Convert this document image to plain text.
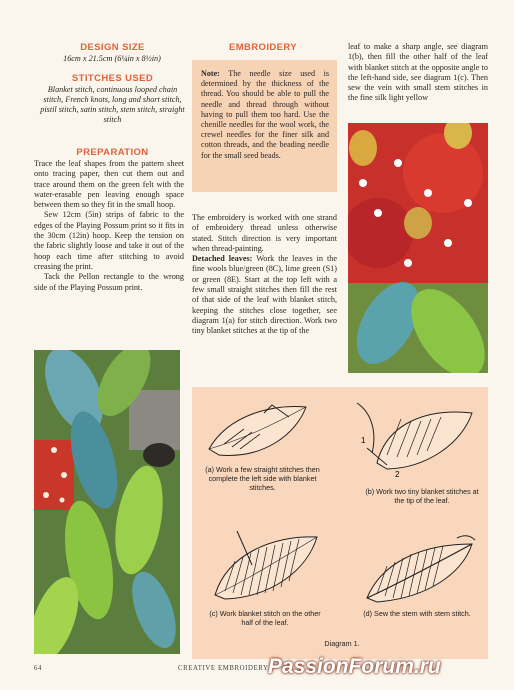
DESIGN SIZE
16cm x 21.5cm (6¼in x 8½in)
STITCHES USED
Blanket stitch, continuous looped chain stitch, French knots, long and short stitch, pistil stitch, satin stitch, stem stitch, straight stitch
PREPARATION

Trace the leaf shapes from the pattern sheet onto tracing paper, then cut them out and trace around them on the green felt with the water-erasable pen leaving enough space between them so they fit in the small hoop.

Sew 12cm (5in) strips of fabric to the edges of the Playing Possum print so it fits in the 30cm (12in) hoop. Keep the tension on the fabric slightly loose and take it out of the hoop each time after stitching to avoid creasing the print.

Tack the Pellon rectangle to the wrong side of the Playing Possum print.

EMBROIDERY
Note: The needle size used is determined by the thickness of the thread. You should be able to pull the needle and thread through without having to pull them too hard. Use the chenille needles for the wool work, the crewel needles for the finer silk and cotton threads, and the beading needle for the small seed beads.

The embroidery is worked with one strand of embroidery thread unless otherwise stated. Stitch direction is very important when thread-painting.

Detached leaves: Work the leaves in the fine wools blue/green (8C), lime green (S1) or green (8E). Start at the top left with a few small straight stitches then fill the rest of that side of the leaf with blanket stitch, keeping the stitches close together, see diagram 1(a) for stitch direction. Work two tiny blanket stitches at the tip of the

leaf to make a sharp angle, see diagram 1(b), then fill the other half of the leaf with blanket stitch at the opposite angle to the left-hand side, see diagram 1(c). Then sew the vein with small stem stitches in the fine silk light yellow
(a) Work a few straight stitches then complete the left side with blanket stitches.
1
2
(b) Work two tiny blanket stitches at the tip of the leaf.
(c) Work blanket stitch on the other half of the leaf.
(d) Sew the stem with stem stitch.
Diagram 1.
64	CREATIVE EMBROIDERY PassionForum.ru
